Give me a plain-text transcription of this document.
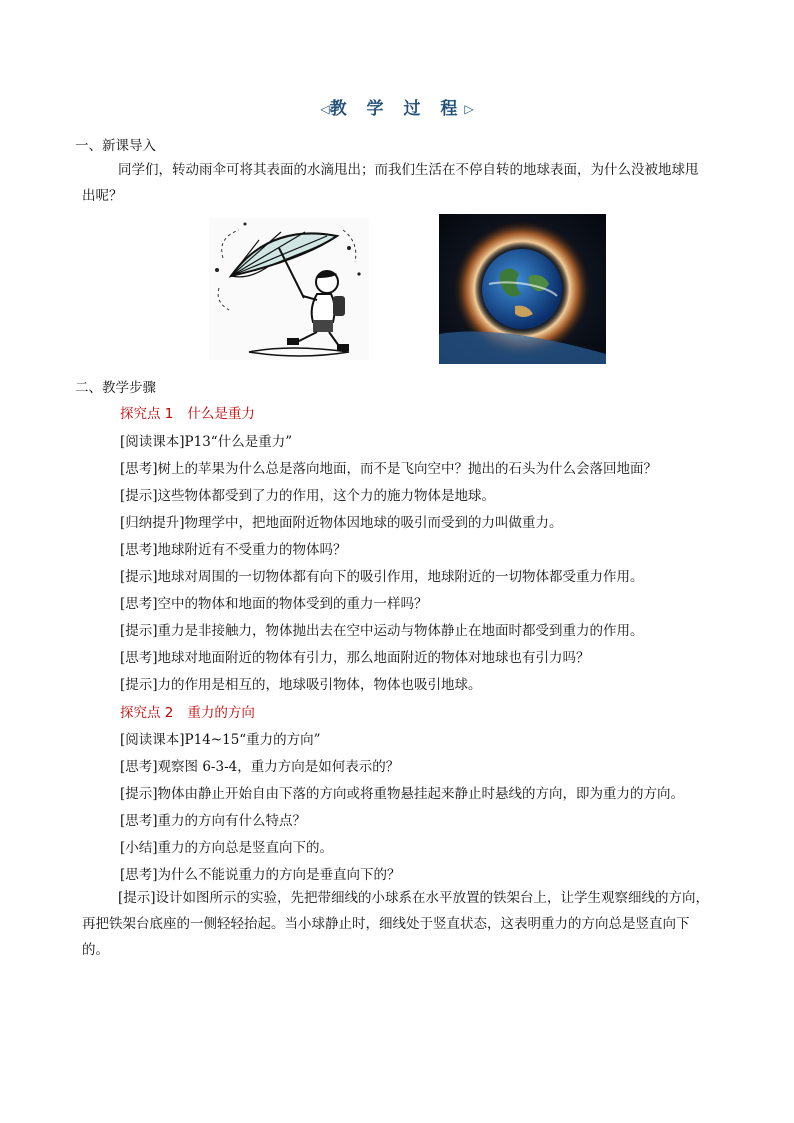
◁教 学 过 程▷
一、新课导入
同学们，转动雨伞可将其表面的水滴甩出；而我们生活在不停自转的地球表面，为什么没被地球甩
出呢？
二、教学步骤
探究点 1 什么是重力
[阅读课本]P13“什么是重力”
[思考]树上的苹果为什么总是落向地面，而不是飞向空中？抛出的石头为什么会落回地面？
[提示]这些物体都受到了力的作用，这个力的施力物体是地球。
[归纳提升]物理学中，把地面附近物体因地球的吸引而受到的力叫做重力。
[思考]地球附近有不受重力的物体吗？
[提示]地球对周围的一切物体都有向下的吸引作用，地球附近的一切物体都受重力作用。
[思考]空中的物体和地面的物体受到的重力一样吗？
[提示]重力是非接触力，物体抛出去在空中运动与物体静止在地面时都受到重力的作用。
[思考]地球对地面附近的物体有引力，那么地面附近的物体对地球也有引力吗？
[提示]力的作用是相互的，地球吸引物体，物体也吸引地球。
探究点 2 重力的方向
[阅读课本]P14~15“重力的方向”
[思考]观察图 6-3-4，重力方向是如何表示的？
[提示]物体由静止开始自由下落的方向或将重物悬挂起来静止时悬线的方向，即为重力的方向。
[思考]重力的方向有什么特点？
[小结]重力的方向总是竖直向下的。
[思考]为什么不能说重力的方向是垂直向下的？
[提示]设计如图所示的实验，先把带细线的小球系在水平放置的铁架台上，让学生观察细线的方向，
再把铁架台底座的一侧轻轻抬起。当小球静止时，细线处于竖直状态，这表明重力的方向总是竖直向下
的。
